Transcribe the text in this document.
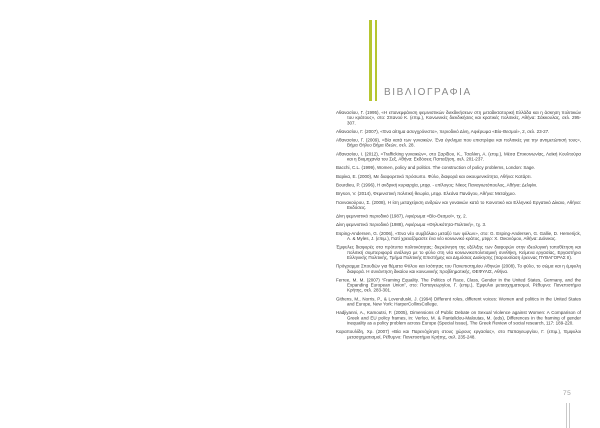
ΒΙΒΛΙΟΓΡΑΦΙΑ

Αθανασίου, Γ. (1995), «Η επανεμφάνιση φεμινιστικών διεκδικήσεων στη μεταδικτατορική Ελλάδα και η άσκηση πολιτικών του κράτους», στο: Σπανού Κ. (επιμ.), Κοινωνικές διεκδικήσεις και κρατικές πολιτικές, Αθήνα: Σάκκουλας, σελ. 295-307.

Αθανασίου, Γ. (2007), «Ένα αίτημα ασυγχρόνιστο», περιοδικό Δίνη, Αφιέρωμα «Βίο-Θεσμοί», 2, σελ. 23-27.

Αθανασίου, Γ. (2009), «Βία κατά των γυναικών. Ένα έγκλημα που επιστρέφει και πολιτικές για την αντιμετώπισή τους», Βήμα Θήλεο Βήμα Ιδεών, σελ. 28.

Αθανασίου, Ι. (2012), «Trafficking γυναικών», στο Σαρίδου, Κ., Τσαλίκη, Α. (επιμ.), Μέσα Επικοινωνίας, Λαϊκή Κουλτούρα και η Βιομηχανία του Σεξ, Αθήνα: Εκδόσεις Παπαζήση, σελ. 201-237.

Bacchi, C.L. (1999), Women, policy and politics. The construction of policy problems, London: Sage.

Βαρίκα, Ε. (2000), Με διαφορετικό πρόσωπο. Φύλο, διαφορά και οικουμενικότητα, Αθήνα: Κατάρτι.

Bourdieu, P. (1996), Η ανδρική κυριαρχία, μτφρ. - επίλογος: Νίκος Παναγιωτόπουλος, Αθήνα: Δελφίνι.

Bryson, V. (2014), Φεμινιστική πολιτική θεωρία, μτφρ. Ελεάνα Πανάγου, Αθήνα: Μεταίχμιο.

Γιαννακούρου, Σ. (2008), Η ίση μεταχείριση ανδρών και γυναικών κατά το Κοινοτικό και Ελληνικό Εργατικό Δίκαιο, Αθήνα: Εκδόσεις.

Δίνη φεμινιστικό περιοδικό (1987), Αφιέρωμα «Βίο-Θεσμοί», τχ. 2.

Δίνη φεμινιστικό περιοδικό (1988), Αφιέρωμα «Θηλυκότητα-Πολιτική», τχ. 3.

Esping-Andersen, G. (2006), «Ένα νέο συμβόλαιο μεταξύ των φύλων», στο: G. Esping-Andersen, G. Gallie, D. Hemerijck, A. & Myles, J. (επιμ.), Γιατί χρειαζόμαστε ένα νέο κοινωνικό κράτος, μτφρ: Χ. Οικονόμου, Αθήνα: Διόνικος.

Έμφυλες διαφορές στα πρότυπα πολιτικότητας: διερεύνηση της εξέλιξης των διαφορών στην ιδεολογική τοποθέτηση και πολιτική συμπεριφορά ανάλογα με το φύλο στη νέα κοινωνικοπολιτισμική συνθήκη, Κείμενα εργασίας, Εργαστήριο Ελληνικής Πολιτικής, Τμήμα Πολιτικής Επιστήμης και Δημόσιας Διοίκησης (παρουσίαση έρευνας ΠΥΘΑΓΟΡΑΣ ΙΙ).

Πρόγραμμα Σπουδών για θέματα Φύλου και Ισότητας του Πανεπιστημίου Αθηνών (2008), Το φύλο, το σώμα και η έμφυλη διαφορά. Η συνάντηση δικαίου και κοινωνικής προβληματικής, ΘΕΦΥΛΙΣ, Αθήνα.

Ferree, M. M. (2007) “Framing Equality. The Politics of Race, Class, Gender in the United States, Germany, and the Expanding European Union”, στο: Παπαγεωργίου, Γ. (επιμ.), Έμφυλοι μετασχηματισμοί, Ρέθυμνο: Πανεπιστήμιο Κρήτης, σελ. 283-301.

Githens, M., Norris, P., & Lovenduski, J. (1994) Different roles, different voices: Women and politics in the United States and Europe, New York: HarperCollinsCollege.

Hadjiyanni, A., Kamoutsi, F. (2005), Dimensions of Public Debate on Sexual Violence against Women: A Comparison of Greek and EU policy frames, in: Verloo, M. & Pantelidou-Maloutas, M. (eds), Differences in the framing of gender inequality as a policy problem across Europe (Special Issue), The Greek Review of social research, 117: 189-220.

Καραπουλίδη, Χρ. (2007) «Βία και Παρενόχληση στους χώρους εργασίας», στο Παπαγεωργίου, Γ. (επιμ.), Έμφυλοι μετασχηματισμοί, Ρέθυμνο: Πανεπιστήμιο Κρήτης, σελ. 235-248.

75
